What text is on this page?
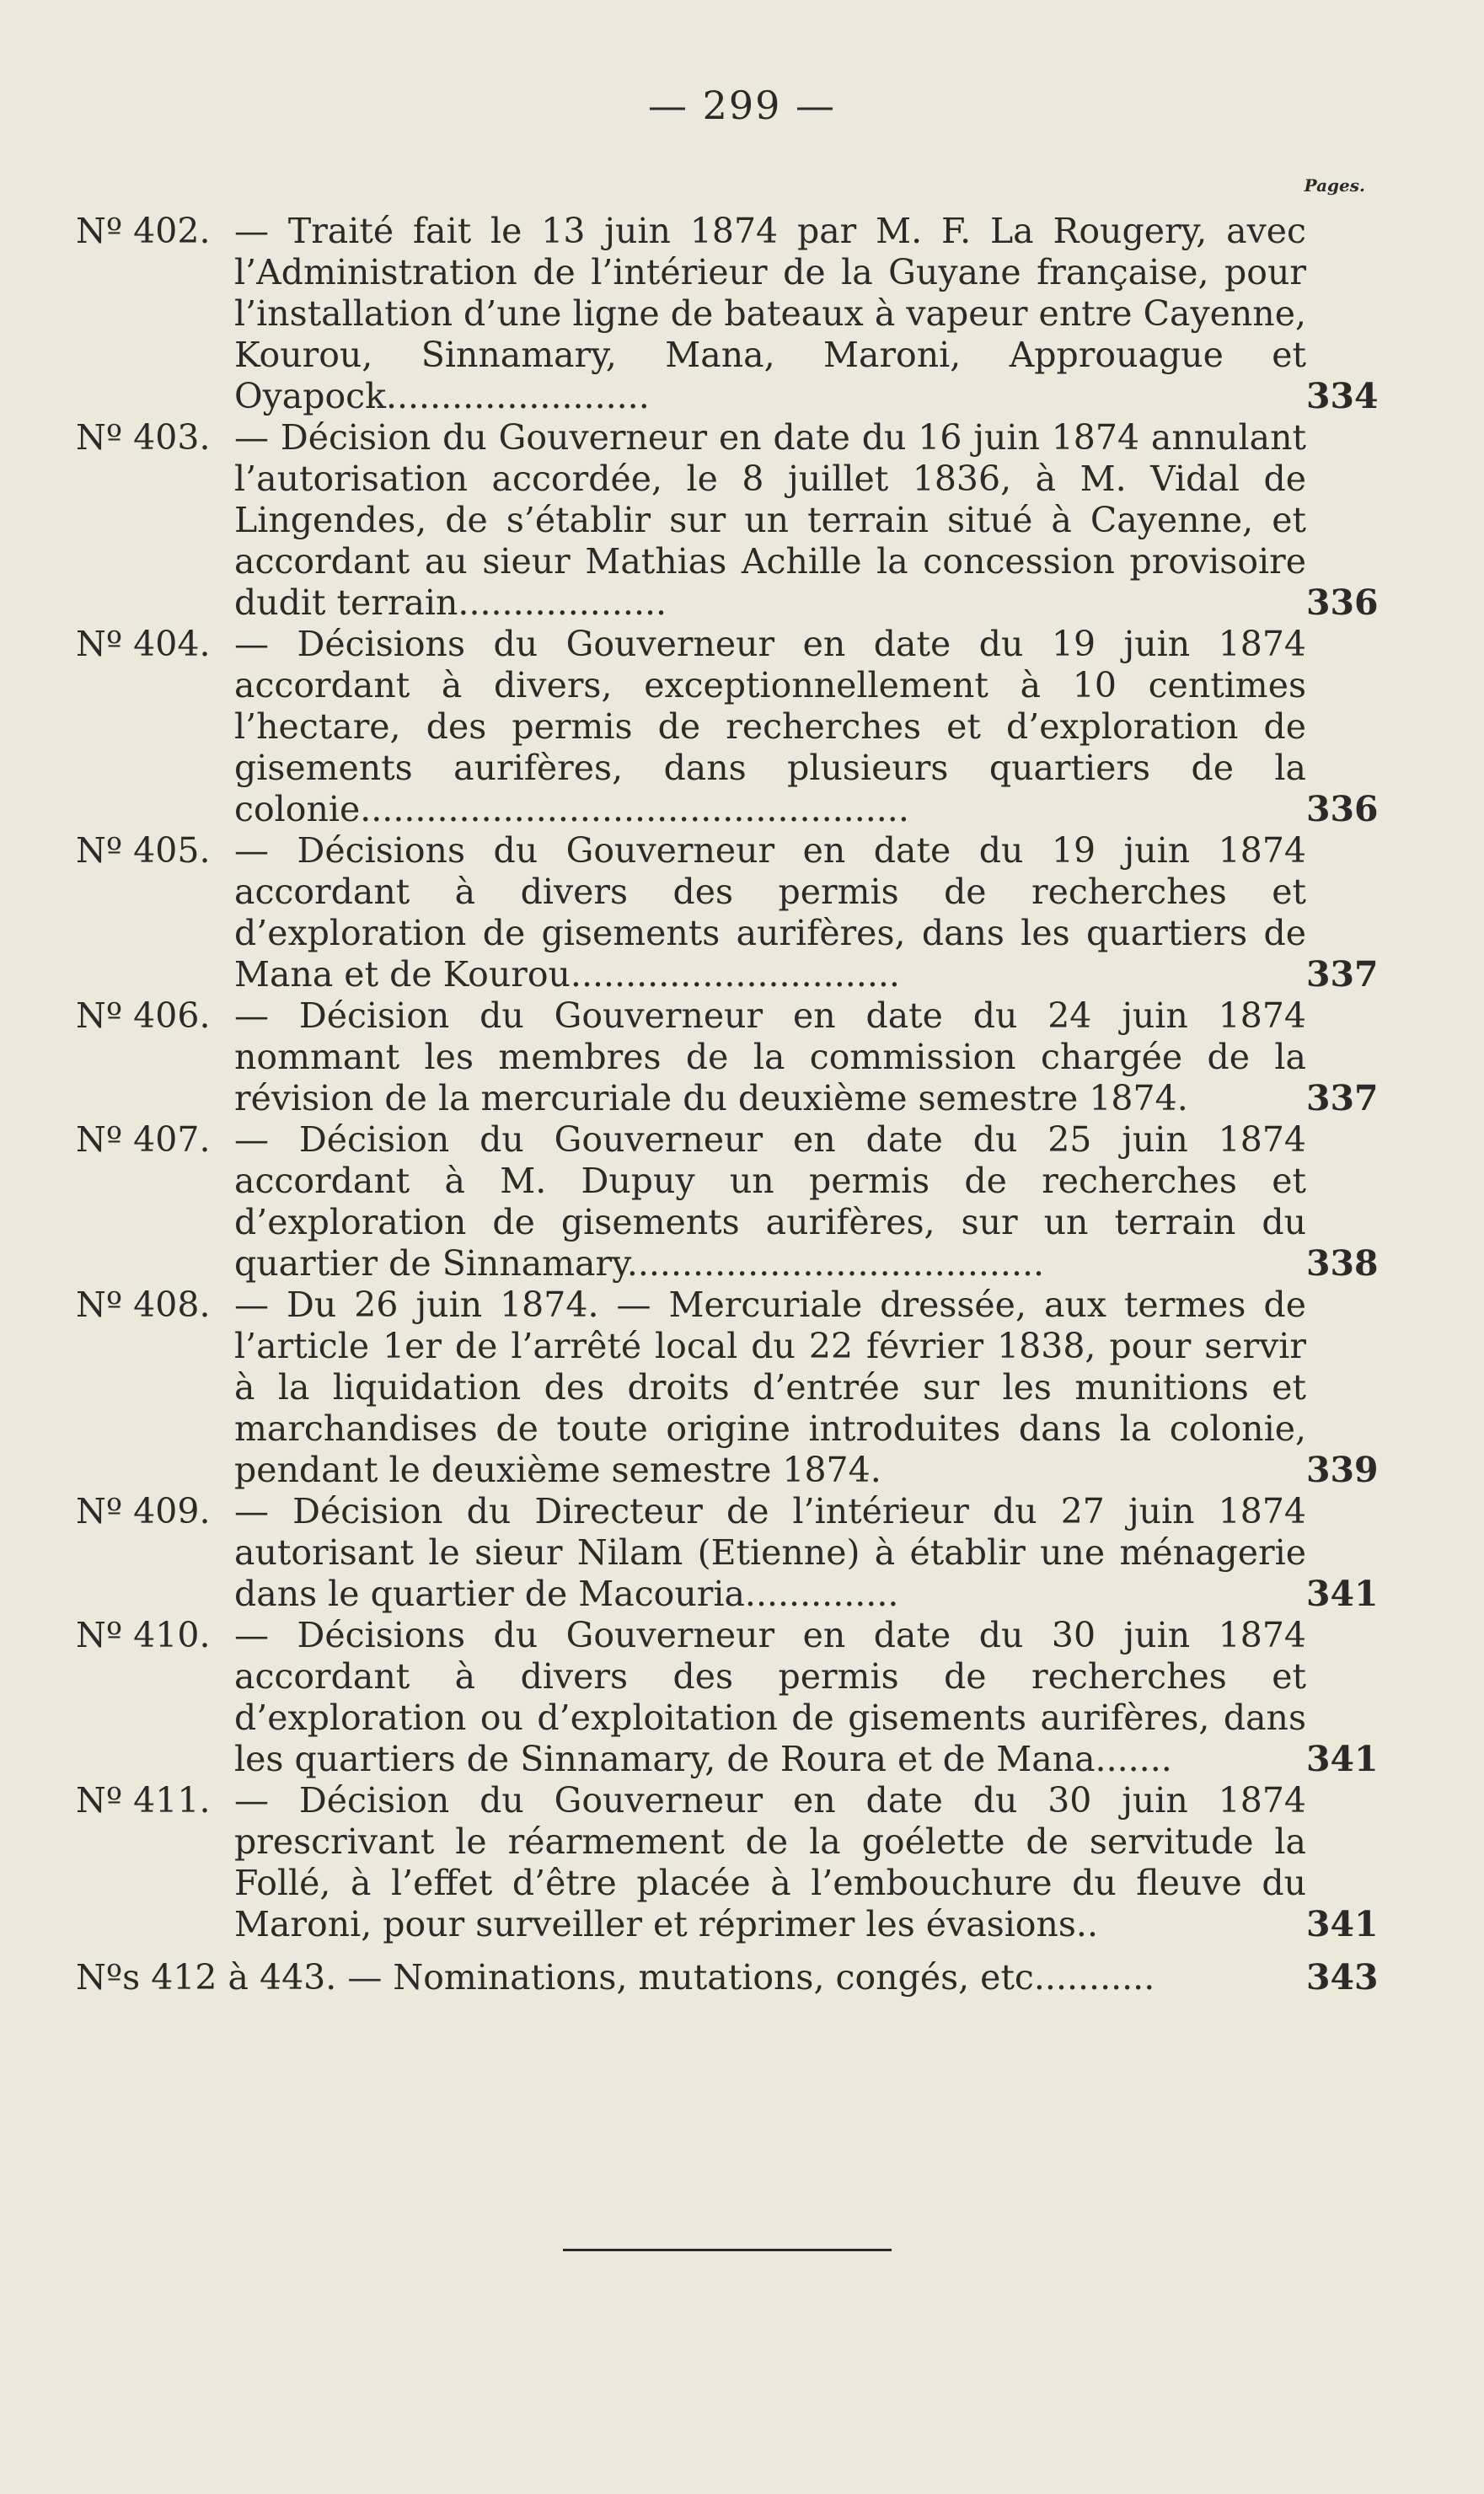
— 299 —
Pages.
Nº 402. — Traité fait le 13 juin 1874 par M. F. La Rougery, avec l’Administration de l’intérieur de la Guyane française, pour l’installation d’une ligne de bateaux à vapeur entre Cayenne, Kourou, Sinnamary, Mana, Maroni, Approuague et Oyapock........................	334
Nº 403. — Décision du Gouverneur en date du 16 juin 1874 annulant l’autorisation accordée, le 8 juillet 1836, à M. Vidal de Lingendes, de s’établir sur un terrain situé à Cayenne, et accordant au sieur Mathias Achille la concession provisoire dudit terrain...................	336
Nº 404. — Décisions du Gouverneur en date du 19 juin 1874 accordant à divers, exceptionnellement à 10 centimes l’hectare, des permis de recherches et d’exploration de gisements aurifères, dans plusieurs quartiers de la colonie..................................................	336
Nº 405. — Décisions du Gouverneur en date du 19 juin 1874 accordant à divers des permis de recherches et d’exploration de gisements aurifères, dans les quartiers de Mana et de Kourou..............................	337
Nº 406. — Décision du Gouverneur en date du 24 juin 1874 nommant les membres de la commission chargée de la révision de la mercuriale du deuxième semestre 1874.	337
Nº 407. — Décision du Gouverneur en date du 25 juin 1874 accordant à M. Dupuy un permis de recherches et d’exploration de gisements aurifères, sur un terrain du quartier de Sinnamary......................................	338
Nº 408. — Du 26 juin 1874. — Mercuriale dressée, aux termes de l’article 1er de l’arrêté local du 22 février 1838, pour servir à la liquidation des droits d’entrée sur les munitions et marchandises de toute origine introduites dans la colonie, pendant le deuxième semestre 1874.	339
Nº 409. — Décision du Directeur de l’intérieur du 27 juin 1874 autorisant le sieur Nilam (Etienne) à établir une ménagerie dans le quartier de Macouria..............	341
Nº 410. — Décisions du Gouverneur en date du 30 juin 1874 accordant à divers des permis de recherches et d’exploration ou d’exploitation de gisements aurifères, dans les quartiers de Sinnamary, de Roura et de Mana.......	341
Nº 411. — Décision du Gouverneur en date du 30 juin 1874 prescrivant le réarmement de la goélette de servitude la Follé, à l’effet d’être placée à l’embouchure du fleuve du Maroni, pour surveiller et réprimer les évasions..	341
Nºs 412 à 443. — Nominations, mutations, congés, etc...........	343
